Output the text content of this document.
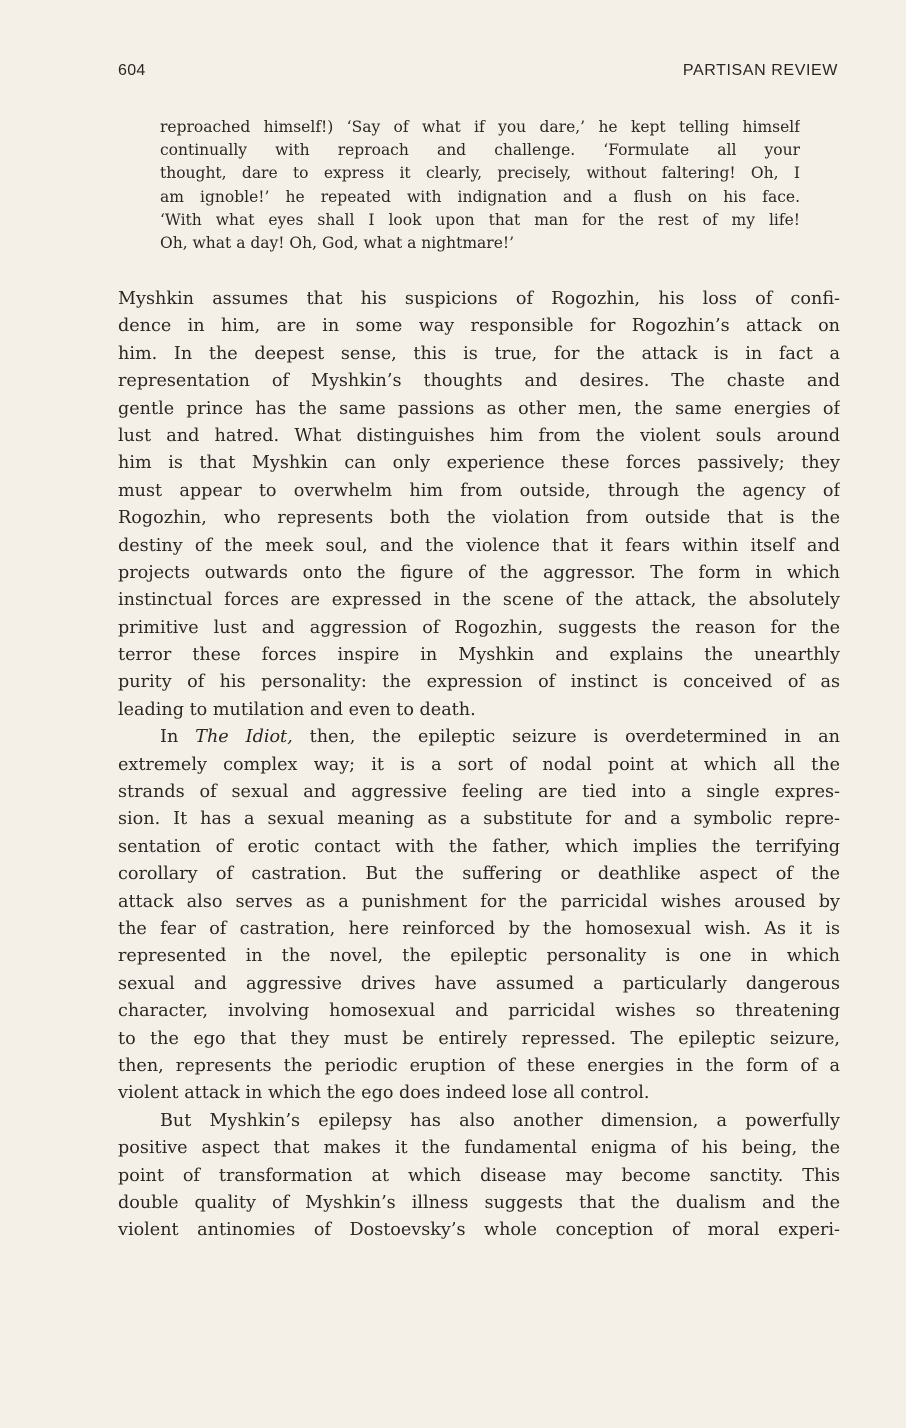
604	PARTISAN REVIEW
reproached himself!) ‘Say of what if you dare,’ he kept telling himself
continually with reproach and challenge. ‘Formulate all your
thought, dare to express it clearly, precisely, without faltering! Oh, I
am ignoble!’ he repeated with indignation and a flush on his face.
‘With what eyes shall I look upon that man for the rest of my life!
Oh, what a day! Oh, God, what a nightmare!’
Myshkin assumes that his suspicions of Rogozhin, his loss of confi-
dence in him, are in some way responsible for Rogozhin’s attack on
him. In the deepest sense, this is true, for the attack is in fact a
representation of Myshkin’s thoughts and desires. The chaste and
gentle prince has the same passions as other men, the same energies of
lust and hatred. What distinguishes him from the violent souls around
him is that Myshkin can only experience these forces passively; they
must appear to overwhelm him from outside, through the agency of
Rogozhin, who represents both the violation from outside that is the
destiny of the meek soul, and the violence that it fears within itself and
projects outwards onto the figure of the aggressor. The form in which
instinctual forces are expressed in the scene of the attack, the absolutely
primitive lust and aggression of Rogozhin, suggests the reason for the
terror these forces inspire in Myshkin and explains the unearthly
purity of his personality: the expression of instinct is conceived of as
leading to mutilation and even to death.
In The Idiot, then, the epileptic seizure is overdetermined in an
extremely complex way; it is a sort of nodal point at which all the
strands of sexual and aggressive feeling are tied into a single expres-
sion. It has a sexual meaning as a substitute for and a symbolic repre-
sentation of erotic contact with the father, which implies the terrifying
corollary of castration. But the suffering or deathlike aspect of the
attack also serves as a punishment for the parricidal wishes aroused by
the fear of castration, here reinforced by the homosexual wish. As it is
represented in the novel, the epileptic personality is one in which
sexual and aggressive drives have assumed a particularly dangerous
character, involving homosexual and parricidal wishes so threatening
to the ego that they must be entirely repressed. The epileptic seizure,
then, represents the periodic eruption of these energies in the form of a
violent attack in which the ego does indeed lose all control.
But Myshkin’s epilepsy has also another dimension, a powerfully
positive aspect that makes it the fundamental enigma of his being, the
point of transformation at which disease may become sanctity. This
double quality of Myshkin’s illness suggests that the dualism and the
violent antinomies of Dostoevsky’s whole conception of moral experi-
